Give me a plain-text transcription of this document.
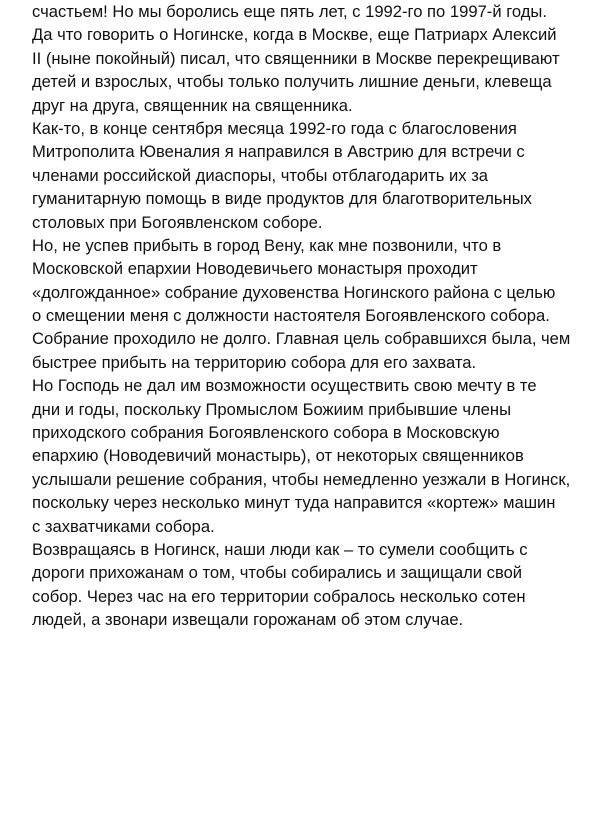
счастьем! Но мы боролись еще пять лет, с 1992-го по 1997-й годы.
Да что говорить о Ногинске, когда в Москве, еще Патриарх Алексий
II (ныне покойный) писал, что священники в Москве перекрещивают
детей и взрослых, чтобы только получить лишние деньги, клевеща
друг на друга, священник на священника.
Как-то, в конце сентября месяца 1992-го года с благословения
Митрополита Ювеналия я направился в Австрию для встречи с
членами российской диаспоры, чтобы отблагодарить их за
гуманитарную помощь в виде продуктов для благотворительных
столовых при Богоявленском соборе.
Но, не успев прибыть в город Вену, как мне позвонили, что в
Московской епархии Новодевичьего монастыря проходит
«долгожданное» собрание духовенства Ногинского района с целью
о смещении меня с должности настоятеля Богоявленского собора.
Собрание проходило не долго. Главная цель собравшихся была, чем
быстрее прибыть на территорию собора для его захвата.
Но Господь не дал им возможности осуществить свою мечту в те
дни и годы, поскольку Промыслом Божиим прибывшие члены
приходского собрания Богоявленского собора в Московскую
епархию (Новодевичий монастырь), от некоторых священников
услышали решение собрания, чтобы немедленно уезжали в Ногинск,
поскольку через несколько минут туда направится «кортеж» машин
с захватчиками собора.
Возвращаясь в Ногинск, наши люди как – то сумели сообщить с
дороги прихожанам о том, чтобы собирались и защищали свой
собор. Через час на его территории собралось несколько сотен
людей, а звонари извещали горожанам об этом случае.
